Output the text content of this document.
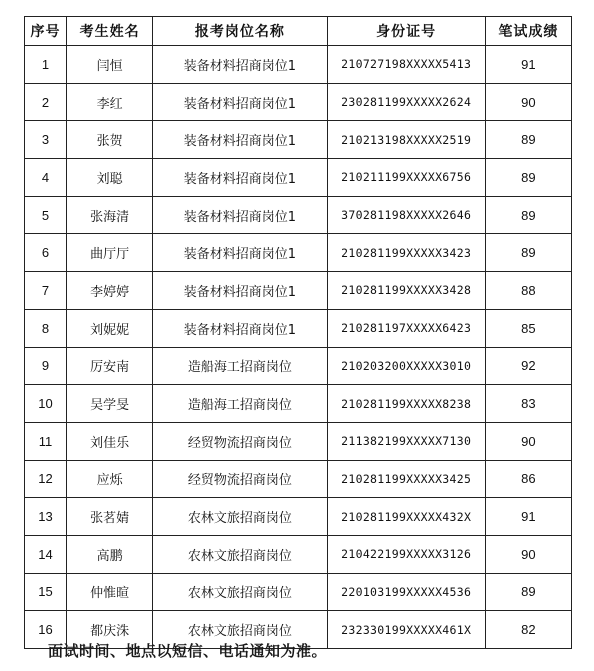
序号	考生姓名	报考岗位名称	身份证号	笔试成绩
1	闫恒	装备材料招商岗位1	210727198XXXXX5413	91
2	李红	装备材料招商岗位1	230281199XXXXX2624	90
3	张贺	装备材料招商岗位1	210213198XXXXX2519	89
4	刘聪	装备材料招商岗位1	210211199XXXXX6756	89
5	张海清	装备材料招商岗位1	370281198XXXXX2646	89
6	曲厅厅	装备材料招商岗位1	210281199XXXXX3423	89
7	李婷婷	装备材料招商岗位1	210281199XXXXX3428	88
8	刘妮妮	装备材料招商岗位1	210281197XXXXX6423	85
9	厉安南	造船海工招商岗位	210203200XXXXX3010	92
10	吴学旻	造船海工招商岗位	210281199XXXXX8238	83
11	刘佳乐	经贸物流招商岗位	211382199XXXXX7130	90
12	应烁	经贸物流招商岗位	210281199XXXXX3425	86
13	张茗婧	农林文旅招商岗位	210281199XXXXX432X	91
14	高鹏	农林文旅招商岗位	210422199XXXXX3126	90
15	仲惟暄	农林文旅招商岗位	220103199XXXXX4536	89
16	都庆洙	农林文旅招商岗位	232330199XXXXX461X	82
面试时间、地点以短信、电话通知为准。
